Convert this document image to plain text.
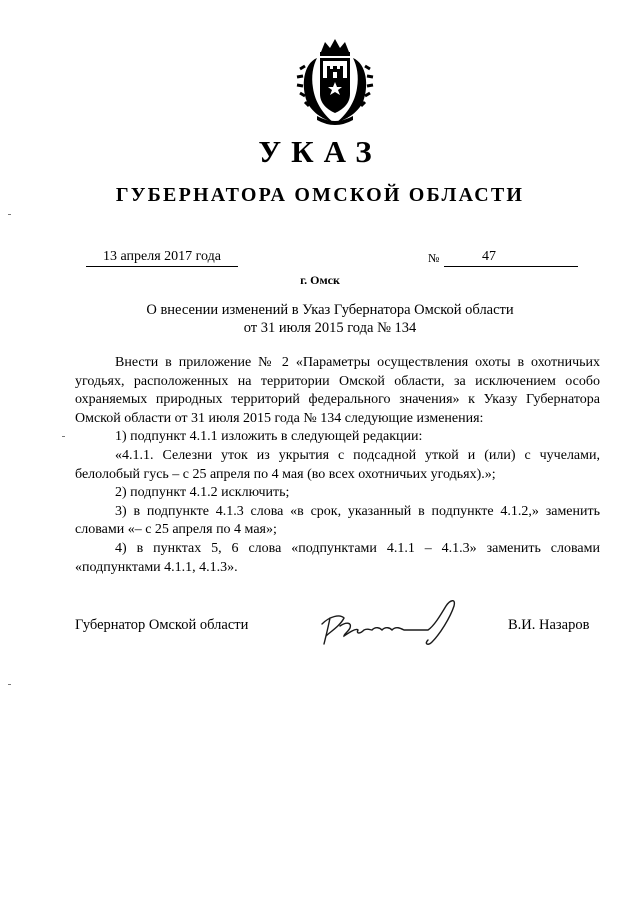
УКАЗ
ГУБЕРНАТОРА ОМСКОЙ ОБЛАСТИ
13 апреля 2017 года	№	47
г. Омск
О внесении изменений в Указ Губернатора Омской области
от 31 июля 2015 года № 134

Внести в приложение № 2 «Параметры осуществления охоты в охотничьих угодьях, расположенных на территории Омской области, за исключением особо охраняемых природных территорий федерального значения» к Указу Губернатора Омской области от 31 июля 2015 года № 134 следующие изменения:

1) подпункт 4.1.1 изложить в следующей редакции:

«4.1.1. Селезни уток из укрытия с подсадной уткой и (или) с чучелами, белолобый гусь – с 25 апреля по 4 мая (во всех охотничьих угодьях).»;

2) подпункт 4.1.2 исключить;

3) в подпункте 4.1.3 слова «в срок, указанный в подпункте 4.1.2,» заменить словами «– с 25 апреля по 4 мая»;

4) в пунктах 5, 6 слова «подпунктами 4.1.1 – 4.1.3» заменить словами «подпунктами 4.1.1, 4.1.3».

Губернатор Омской области	В.И. Назаров
